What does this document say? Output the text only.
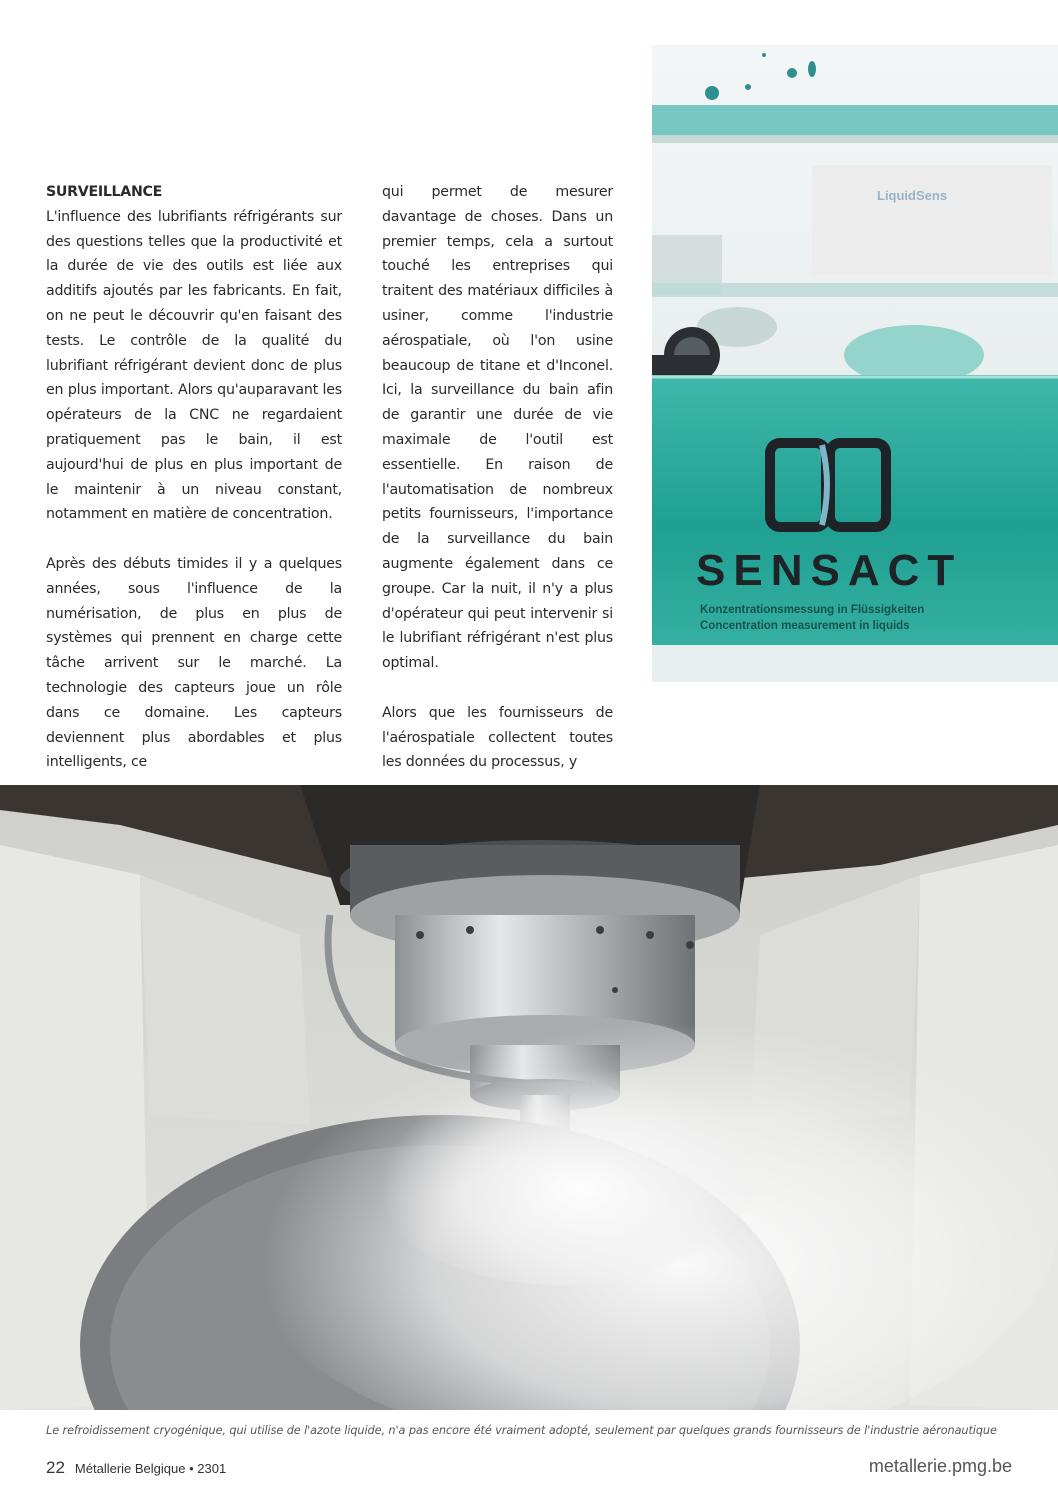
SURVEILLANCE

L'influence des lubrifiants réfrigérants sur des questions telles que la productivité et la durée de vie des outils est liée aux additifs ajoutés par les fabricants. En fait, on ne peut le découvrir qu'en faisant des tests. Le contrôle de la qualité du lubrifiant réfrigérant devient donc de plus en plus important. Alors qu'auparavant les opérateurs de la CNC ne regardaient pratiquement pas le bain, il est aujourd'hui de plus en plus important de le maintenir à un niveau constant, notamment en matière de concentration.

Après des débuts timides il y a quelques années, sous l'influence de la numérisation, de plus en plus de systèmes qui prennent en charge cette tâche arrivent sur le marché. La technologie des capteurs joue un rôle dans ce domaine. Les capteurs deviennent plus abordables et plus intelligents, ce

qui permet de mesurer davantage de choses. Dans un premier temps, cela a surtout touché les entreprises qui traitent des matériaux difficiles à usiner, comme l'industrie aérospatiale, où l'on usine beaucoup de titane et d'Inconel. Ici, la surveillance du bain afin de garantir une durée de vie maximale de l'outil est essentielle. En raison de l'automatisation de nombreux petits fournisseurs, l'importance de la surveillance du bain augmente également dans ce groupe. Car la nuit, il n'y a plus d'opérateur qui peut intervenir si le lubrifiant réfrigérant n'est plus optimal.

Alors que les fournisseurs de l'aérospatiale collectent toutes les données du processus, y

LiquidSens
SENSACT
Konzentrationsmessung in Flüssigkeiten
Concentration measurement in liquids
Le refroidissement cryogénique, qui utilise de l'azote liquide, n'a pas encore été vraiment adopté, seulement par quelques grands fournisseurs de l'industrie aéronautique
22 Métallerie Belgique • 2301	metallerie.pmg.be
